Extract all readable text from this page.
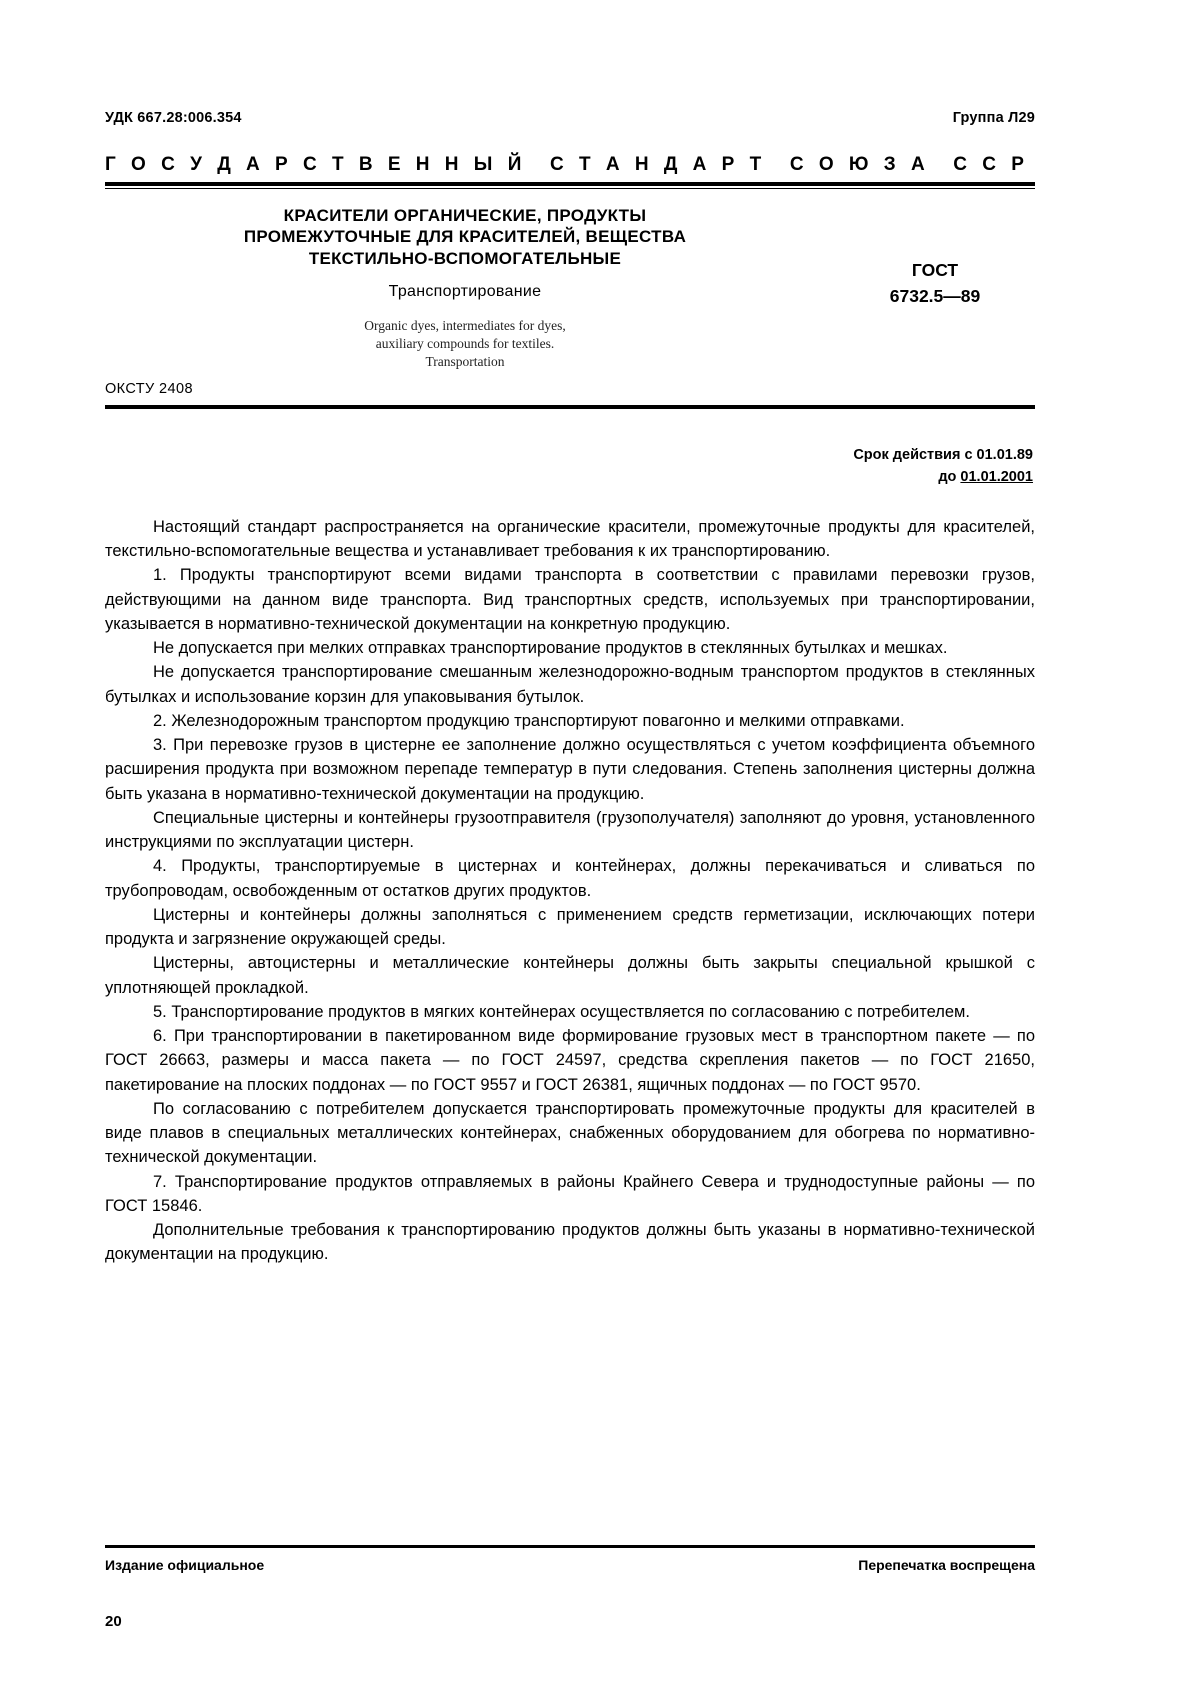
УДК 667.28:006.354	Группа Л29
Г О С У Д А Р С Т В Е Н Н Ы Й С Т А Н Д А Р Т С О Ю З А С С Р
КРАСИТЕЛИ ОРГАНИЧЕСКИЕ, ПРОДУКТЫ
ПРОМЕЖУТОЧНЫЕ ДЛЯ КРАСИТЕЛЕЙ, ВЕЩЕСТВА
ТЕКСТИЛЬНО-ВСПОМОГАТЕЛЬНЫЕ
Транспортирование
Organic dyes, intermediates for dyes,
auxiliary compounds for textiles.
Transportation
ГОСТ
6732.5—89
ОКСТУ 2408
Срок действия с 01.01.89
до 01.01.2001

Настоящий стандарт распространяется на органические красители, промежуточные продукты для красителей, текстильно-вспомогательные вещества и устанавливает требования к их транспортированию.

1. Продукты транспортируют всеми видами транспорта в соответствии с правилами перевозки грузов, действующими на данном виде транспорта. Вид транспортных средств, используемых при транспортировании, указывается в нормативно-технической документации на конкретную продукцию.

Не допускается при мелких отправках транспортирование продуктов в стеклянных бутылках и мешках.

Не допускается транспортирование смешанным железнодорожно-водным транспортом продуктов в стеклянных бутылках и использование корзин для упаковывания бутылок.

2. Железнодорожным транспортом продукцию транспортируют повагонно и мелкими отправками.

3. При перевозке грузов в цистерне ее заполнение должно осуществляться с учетом коэффициента объемного расширения продукта при возможном перепаде температур в пути следования. Степень заполнения цистерны должна быть указана в нормативно-технической документации на продукцию.

Специальные цистерны и контейнеры грузоотправителя (грузополучателя) заполняют до уровня, установленного инструкциями по эксплуатации цистерн.

4. Продукты, транспортируемые в цистернах и контейнерах, должны перекачиваться и сливаться по трубопроводам, освобожденным от остатков других продуктов.

Цистерны и контейнеры должны заполняться с применением средств герметизации, исключающих потери продукта и загрязнение окружающей среды.

Цистерны, автоцистерны и металлические контейнеры должны быть закрыты специальной крышкой с уплотняющей прокладкой.

5. Транспортирование продуктов в мягких контейнерах осуществляется по согласованию с потребителем.

6. При транспортировании в пакетированном виде формирование грузовых мест в транспортном пакете — по ГОСТ 26663, размеры и масса пакета — по ГОСТ 24597, средства скрепления пакетов — по ГОСТ 21650, пакетирование на плоских поддонах — по ГОСТ 9557 и ГОСТ 26381, ящичных поддонах — по ГОСТ 9570.

По согласованию с потребителем допускается транспортировать промежуточные продукты для красителей в виде плавов в специальных металлических контейнерах, снабженных оборудованием для обогрева по нормативно-технической документации.

7. Транспортирование продуктов отправляемых в районы Крайнего Севера и труднодоступные районы — по ГОСТ 15846.

Дополнительные требования к транспортированию продуктов должны быть указаны в нормативно-технической документации на продукцию.

Издание официальное	Перепечатка воспрещена
20
